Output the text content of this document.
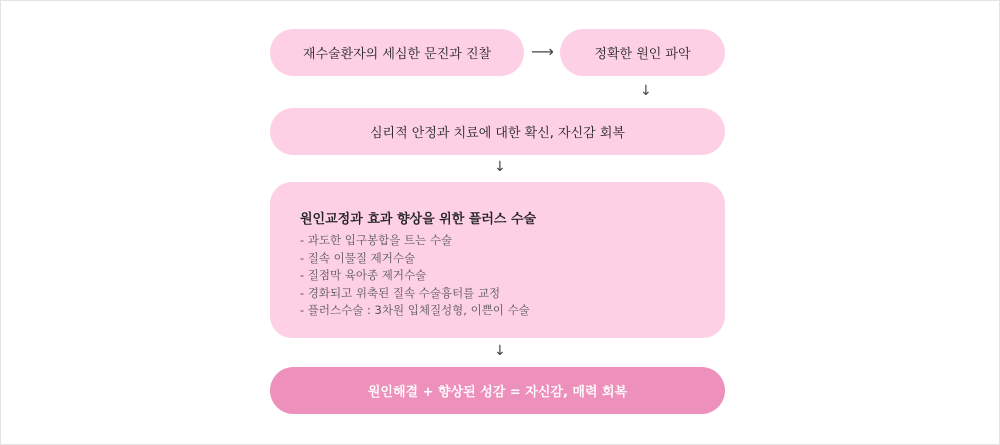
재수술환자의 세심한 문진과 진찰 ⟶	정확한 원인 파악
↓
심리적 안정과 치료에 대한 확신, 자신감 회복
↓
원인교정과 효과 향상을 위한 플러스 수술
- 과도한 입구봉합을 트는 수술
- 질속 이물질 제거수술
- 질점막 육아종 제거수술
- 경화되고 위축된 질속 수술흉터를 교정
- 플러스수술 : 3차원 입체질성형, 이쁜이 수술
↓
원인해결 + 향상된 성감 = 자신감, 매력 회복
